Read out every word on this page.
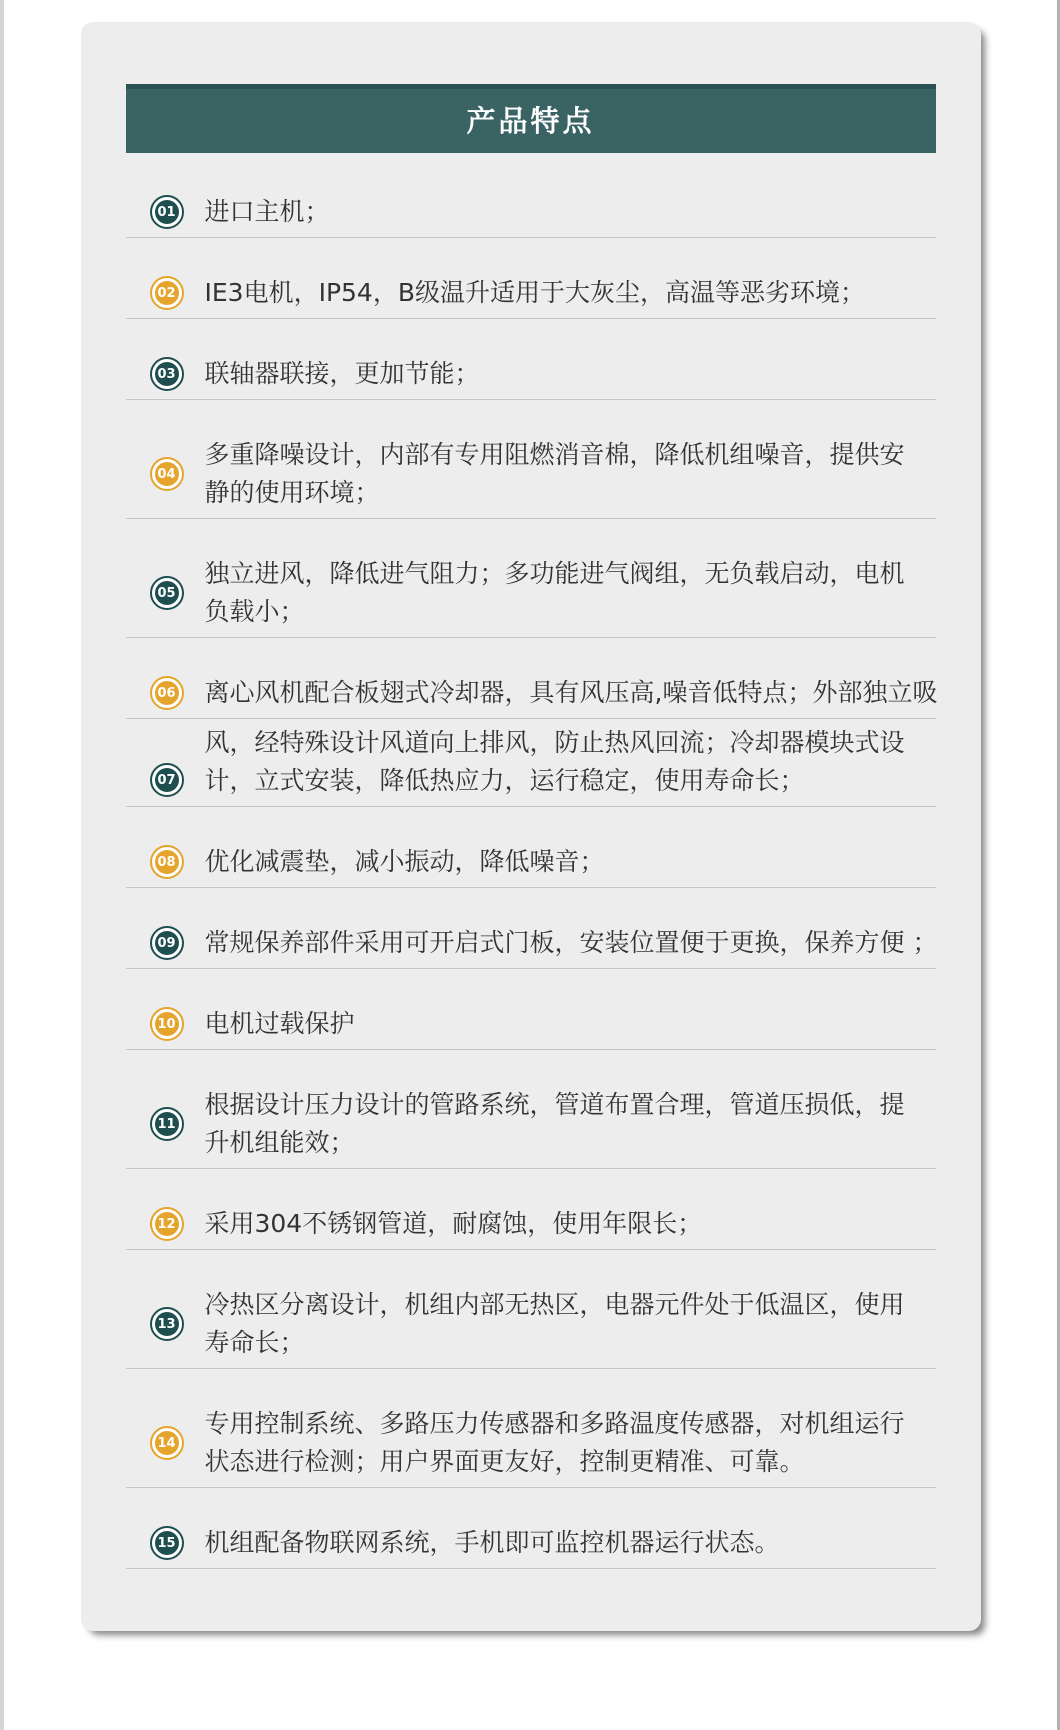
产品特点
01 进口主机；
02 IE3电机，IP54，B级温升适用于大灰尘，高温等恶劣环境；
03 联轴器联接，更加节能；
04
多重降噪设计，内部有专用阻燃消音棉，降低机组噪音，提供安静的使用环境；
05
独立进风，降低进气阻力；多功能进气阀组，无负载启动，电机负载小；
06 离心风机配合板翅式冷却器，具有风压高,噪音低特点；外部独立吸
07
风，经特殊设计风道向上排风，防止热风回流；冷却器模块式设计，立式安装，降低热应力，运行稳定，使用寿命长；
08 优化减震垫，减小振动，降低噪音；
09 常规保养部件采用可开启式门板，安装位置便于更换，保养方便 ；
10 电机过载保护
11
根据设计压力设计的管路系统，管道布置合理，管道压损低，提升机组能效；
12 采用304不锈钢管道，耐腐蚀，使用年限长；
13
冷热区分离设计，机组内部无热区，电器元件处于低温区，使用寿命长；
14
专用控制系统、多路压力传感器和多路温度传感器，对机组运行状态进行检测；用户界面更友好，控制更精准、可靠。
15 机组配备物联网系统，手机即可监控机器运行状态。
